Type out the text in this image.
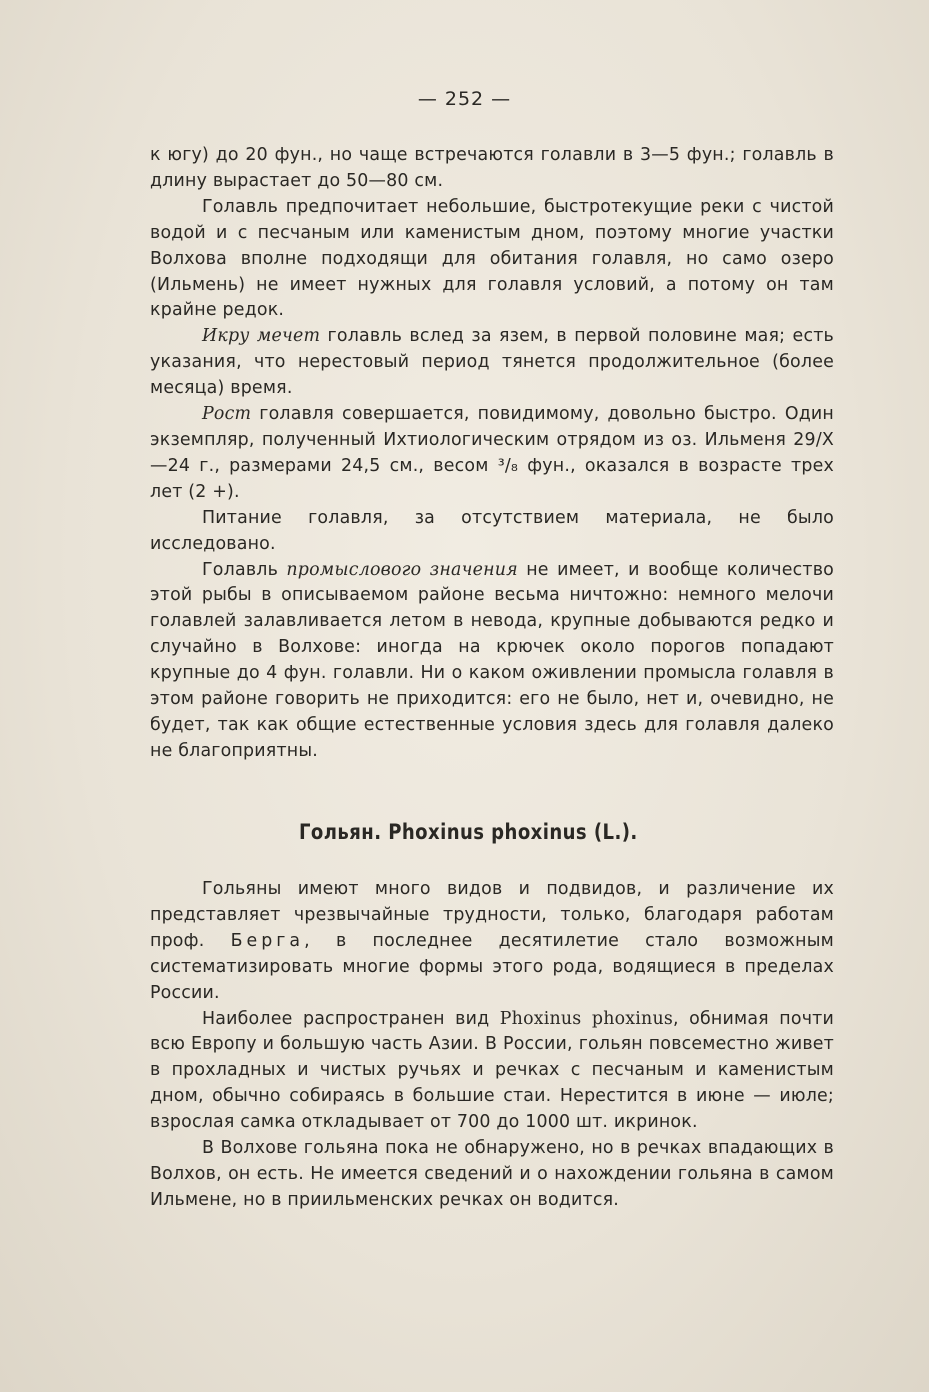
— 252 —

к югу) до 20 фун., но чаще встречаются голавли в 3—5 фун.; голавль в длину вырастает до 50—80 см.

Голавль предпочитает небольшие, быстротекущие реки с чистой водой и с песчаным или каменистым дном, поэтому многие участки Волхова вполне подходящи для обитания голавля, но само озеро (Ильмень) не имеет нужных для голавля условий, а потому он там крайне редок.

Икру мечет голавль вслед за язем, в первой половине мая; есть указания, что нерестовый период тянется продолжительное (более месяца) время.

Рост голавля совершается, повидимому, довольно быстро. Один экземпляр, полученный Ихтиологическим отрядом из оз. Ильменя 29/X—24 г., размерами 24,5 см., весом ³/₈ фун., оказался в возрасте трех лет (2 +).

Питание голавля, за отсутствием материала, не было исследовано.

Голавль промыслового значения не имеет, и вообще количество этой рыбы в описываемом районе весьма ничтожно: немного мелочи голавлей залавливается летом в невода, крупные добываются редко и случайно в Волхове: иногда на крючек около порогов попадают крупные до 4 фун. голавли. Ни о каком оживлении промысла голавля в этом районе говорить не приходится: его не было, нет и, очевидно, не будет, так как общие естественные условия здесь для голавля далеко не благоприятны.

Гольян. Phoxinus phoxinus (L.).

Гольяны имеют много видов и подвидов, и различение их представляет чрезвычайные трудности, только, благодаря работам проф. Берга, в последнее десятилетие стало возможным систематизировать многие формы этого рода, водящиеся в пределах России.

Наиболее распространен вид Phoxinus phoxinus, обнимая почти всю Европу и большую часть Азии. В России, гольян повсеместно живет в прохладных и чистых ручьях и речках с песчаным и каменистым дном, обычно собираясь в большие стаи. Нерестится в июне — июле; взрослая самка откладывает от 700 до 1000 шт. икринок.

В Волхове гольяна пока не обнаружено, но в речках впадающих в Волхов, он есть. Не имеется сведений и о нахождении гольяна в самом Ильмене, но в приильменских речках он водится.
